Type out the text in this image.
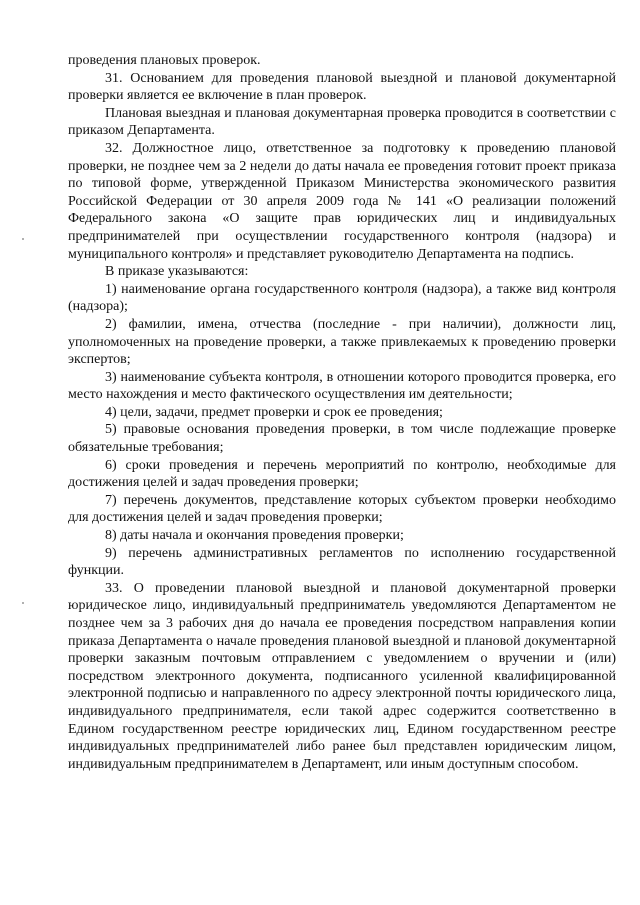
проведения плановых проверок.

31. Основанием для проведения плановой выездной и плановой документарной проверки является ее включение в план проверок.

Плановая выездная и плановая документарная проверка проводится в соответствии с приказом Департамента.

32. Должностное лицо, ответственное за подготовку к проведению плановой проверки, не позднее чем за 2 недели до даты начала ее проведения готовит проект приказа по типовой форме, утвержденной Приказом Министерства экономического развития Российской Федерации от 30 апреля 2009 года № 141 «О реализации положений Федерального закона «О защите прав юридических лиц и индивидуальных предпринимателей при осуществлении государственного контроля (надзора) и муниципального контроля» и представляет руководителю Департамента на подпись.

В приказе указываются:

1) наименование органа государственного контроля (надзора), а также вид контроля (надзора);

2) фамилии, имена, отчества (последние - при наличии), должности лиц, уполномоченных на проведение проверки, а также привлекаемых к проведению проверки экспертов;

3) наименование субъекта контроля, в отношении которого проводится проверка, его место нахождения и место фактического осуществления им деятельности;

4) цели, задачи, предмет проверки и срок ее проведения;

5) правовые основания проведения проверки, в том числе подлежащие проверке обязательные требования;

6) сроки проведения и перечень мероприятий по контролю, необходимые для достижения целей и задач проведения проверки;

7) перечень документов, представление которых субъектом проверки необходимо для достижения целей и задач проведения проверки;

8) даты начала и окончания проведения проверки;

9) перечень административных регламентов по исполнению государственной функции.

33. О проведении плановой выездной и плановой документарной проверки юридическое лицо, индивидуальный предприниматель уведомляются Департаментом не позднее чем за 3 рабочих дня до начала ее проведения посредством направления копии приказа Департамента о начале проведения плановой выездной и плановой документарной проверки заказным почтовым отправлением с уведомлением о вручении и (или) посредством электронного документа, подписанного усиленной квалифицированной электронной подписью и направленного по адресу электронной почты юридического лица, индивидуального предпринимателя, если такой адрес содержится соответственно в Едином государственном реестре юридических лиц, Едином государственном реестре индивидуальных предпринимателей либо ранее был представлен юридическим лицом, индивидуальным предпринимателем в Департамент, или иным доступным способом.
